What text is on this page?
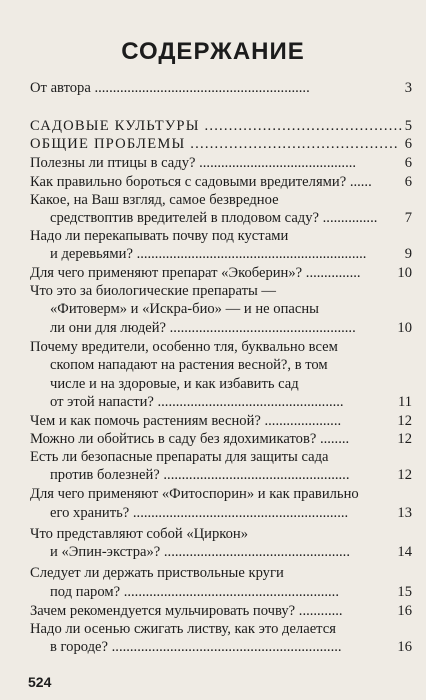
СОДЕРЖАНИЕ
От автора ...........................................................	3
САДОВЫЕ КУЛЬТУРЫ ......................................... 5
ОБЩИЕ ПРОБЛЕМЫ ........................................... 6
Полезны ли птицы в саду? ...........................................	6
Как правильно бороться с садовыми вредителями? ......	6
Какое, на Ваш взгляд, самое безвредное
средствоптив вредителей в плодовом саду? ...............	7
Надо ли перекапывать почву под кустами
и деревьями? ...............................................................	9
Для чего применяют препарат «Экоберин»? ...............	10
Что это за биологические препараты —
«Фитоверм» и «Искра-био» — и не опасны
ли они для людей? ...................................................	10
Почему вредители, особенно тля, буквально всем
скопом нападают на растения весной?, в том
числе и на здоровые, и как избавить сад
от этой напасти? ...................................................	11
Чем и как помочь растениям весной? .....................	12
Можно ли обойтись в саду без ядохимикатов? ........	12
Есть ли безопасные препараты для защиты сада
против болезней? ...................................................	12
Для чего применяют «Фитоспорин» и как правильно
его хранить? ...........................................................	13
Что представляют собой «Циркон»
и «Эпин-экстра»? ...................................................	14
Следует ли держать приствольные круги
под паром? ...........................................................	15
Зачем рекомендуется мульчировать почву? ............	16
Надо ли осенью сжигать листву, как это делается
в городе? ...............................................................	16
524
